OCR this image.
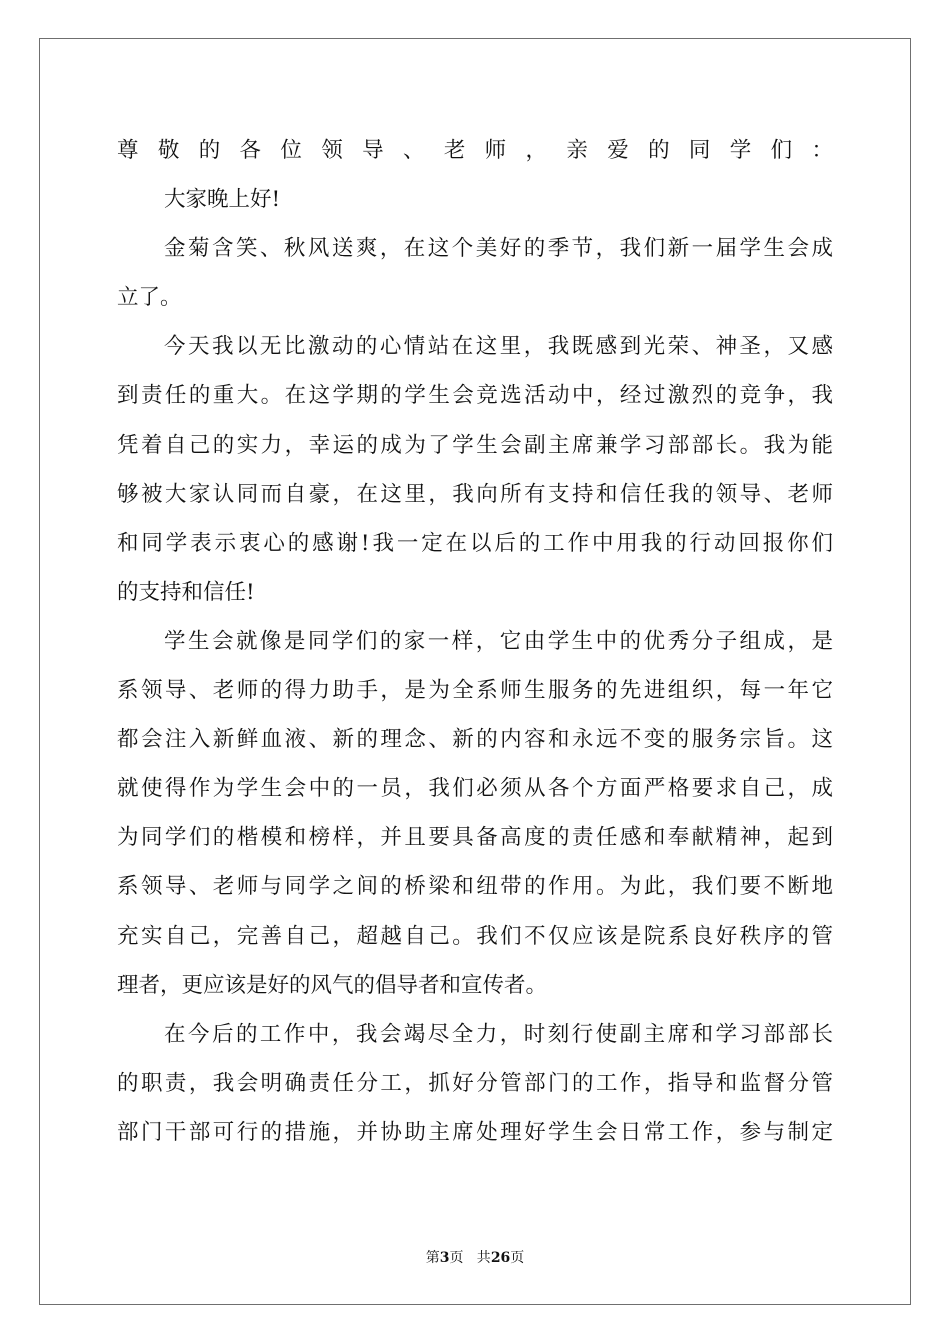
尊敬的各位领导、老师，亲爱的同学们：
大家晚上好!
金菊含笑、秋风送爽，在这个美好的季节，我们新一届学生会成
立了。
今天我以无比激动的心情站在这里，我既感到光荣、神圣，又感
到责任的重大。在这学期的学生会竞选活动中，经过激烈的竞争，我
凭着自己的实力，幸运的成为了学生会副主席兼学习部部长。我为能
够被大家认同而自豪，在这里，我向所有支持和信任我的领导、老师
和同学表示衷心的感谢!我一定在以后的工作中用我的行动回报你们
的支持和信任!
学生会就像是同学们的家一样，它由学生中的优秀分子组成，是
系领导、老师的得力助手，是为全系师生服务的先进组织，每一年它
都会注入新鲜血液、新的理念、新的内容和永远不变的服务宗旨。这
就使得作为学生会中的一员，我们必须从各个方面严格要求自己，成
为同学们的楷模和榜样，并且要具备高度的责任感和奉献精神，起到
系领导、老师与同学之间的桥梁和纽带的作用。为此，我们要不断地
充实自己，完善自己，超越自己。我们不仅应该是院系良好秩序的管
理者，更应该是好的风气的倡导者和宣传者。
在今后的工作中，我会竭尽全力，时刻行使副主席和学习部部长
的职责，我会明确责任分工，抓好分管部门的工作，指导和监督分管
部门干部可行的措施，并协助主席处理好学生会日常工作，参与制定
第3页   共26页
